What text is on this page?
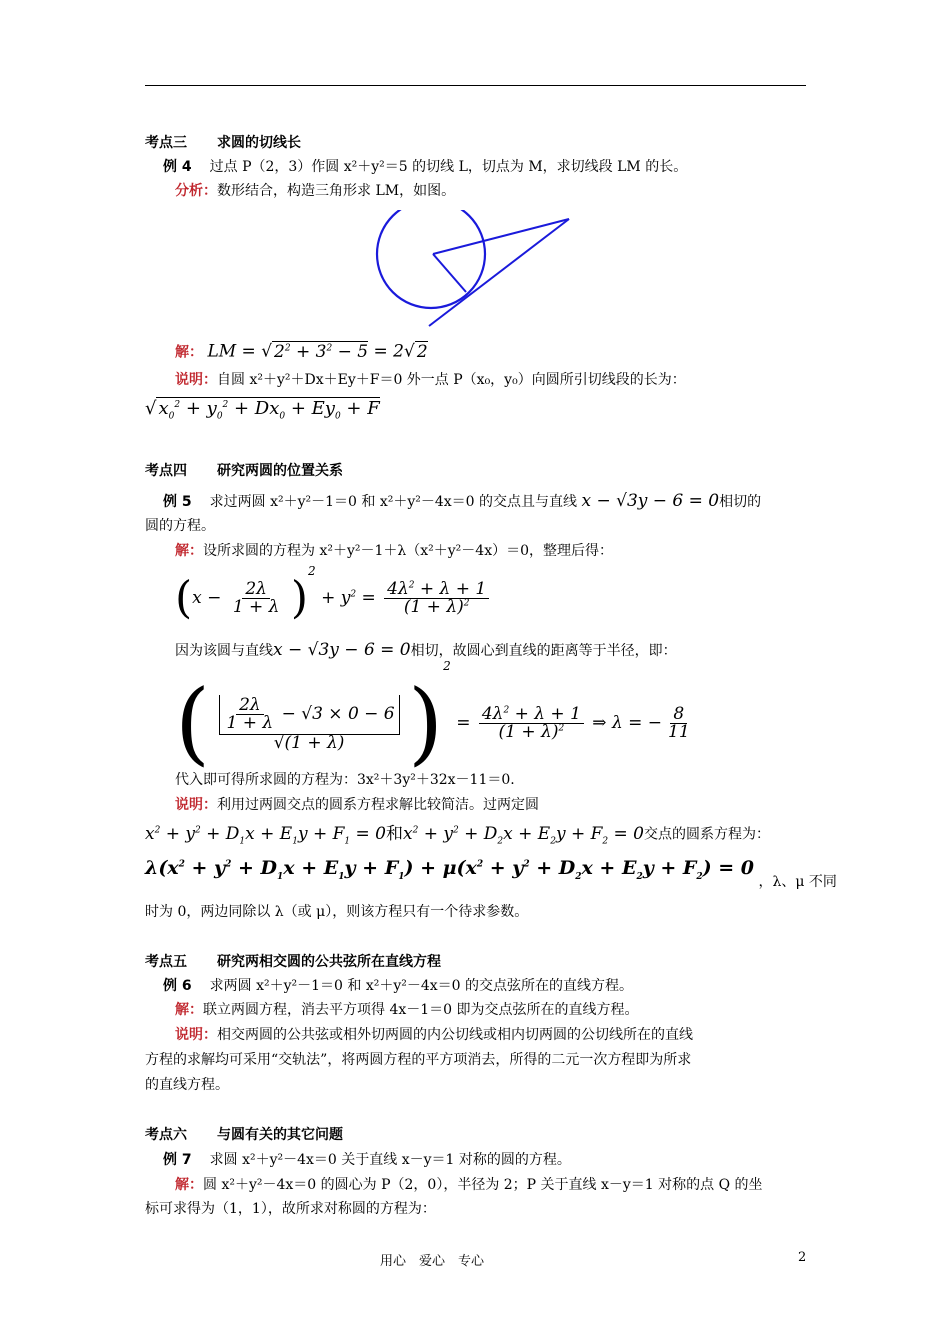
考点三 求圆的切线长
例 4 过点 P（2，3）作圆 x²＋y²＝5 的切线 L，切点为 M，求切线段 LM 的长。
分析：数形结合，构造三角形求 LM，如图。
解： LM = √ $2^2 + 3^2 - 5 = 2√$ 2
说明：自圆 x²＋y²＋Dx＋Ey＋F＝0 外一点 P（x₀，y₀）向圆所引切线段的长为：
√ $x_0^2 + y_0^2 + Dx_0 + Ey_0 + F$
考点四 研究两圆的位置关系
例 5 求过两圆 x²＋y²－1＝0 和 x²＋y²－4x＝0 的交点且与直线 x − √3y − 6 = 0相切的
圆的方程。
解：设所求圆的方程为 x²＋y²－1＋λ（x²＋y²－4x）＝0，整理后得：
$(x - \frac{2\lambda}{1 + \lambda} )^2 + y^2 = \frac{4\lambda^2 + \lambda + 1}{(1 + \lambda)^2}$
因为该圆与直线x − √3y − 6 = 0相切，故圆心到直线的距离等于半径，即：
( $\frac{\frac{2\lambda}{1 + \lambda} - √3 \times 0 - 6}{√(1 + \lambda)} )^2 = \frac{4\lambda^2 + \lambda + 1}{(1 + \lambda)^2}$ ⇒ λ = − $\frac{8}{11}$
代入即可得所求圆的方程为：3x²＋3y²＋32x－11＝0.
说明：利用过两圆交点的圆系方程求解比较简洁。过两定圆
$x^2 + y^2 + D_1x + E_1y + F_1 = 0$和$x^2 + y^2 + D_2x + E_2y + F_2 = 0$交点的圆系方程为：
$\lambda(x^2 + y^2 + D_1x + E_1y + F_1) + \mu(x^2 + y^2 + D_2x + E_2y + F_2) = 0$ ，λ、μ 不同
时为 0，两边同除以 λ（或 μ），则该方程只有一个待求参数。
考点五 研究两相交圆的公共弦所在直线方程
例 6 求两圆 x²＋y²－1＝0 和 x²＋y²－4x＝0 的交点弦所在的直线方程。
解：联立两圆方程，消去平方项得 4x－1＝0 即为交点弦所在的直线方程。
说明：相交两圆的公共弦或相外切两圆的内公切线或相内切两圆的公切线所在的直线
方程的求解均可采用“交轨法”，将两圆方程的平方项消去，所得的二元一次方程即为所求
的直线方程。
考点六 与圆有关的其它问题
例 7 求圆 x²＋y²－4x＝0 关于直线 x－y＝1 对称的圆的方程。
解：圆 x²＋y²－4x＝0 的圆心为 P（2，0），半径为 2；P 关于直线 x－y＝1 对称的点 Q 的坐
标可求得为（1，1），故所求对称圆的方程为：
用心　爱心　专心	2
